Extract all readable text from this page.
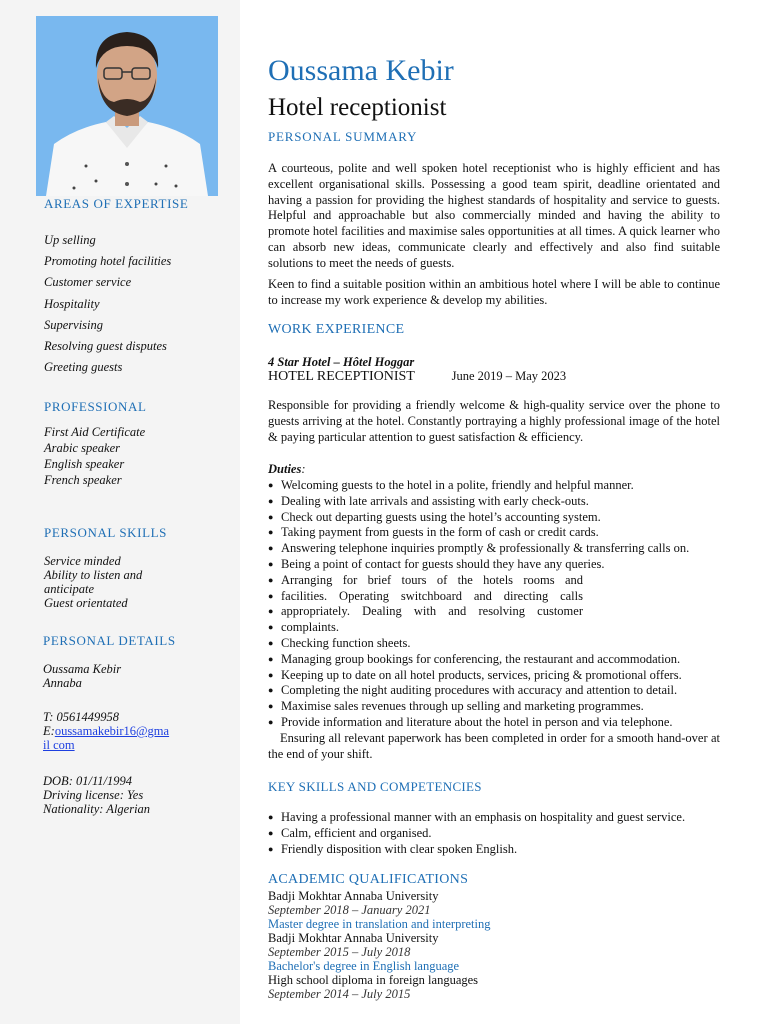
AREAS OF EXPERTISE
Up selling
Promoting hotel facilities
Customer service
Hospitality
Supervising
Resolving guest disputes
Greeting guests
PROFESSIONAL
First Aid Certificate
Arabic speaker
English speaker
French speaker
PERSONAL SKILLS
Service minded
Ability to listen and
anticipate
Guest orientated
PERSONAL DETAILS
Oussama Kebir
Annaba
T: 0561449958
E:oussamakebir16@gma
il com
DOB: 01/11/1994
Driving license: Yes
Nationality: Algerian
Oussama Kebir
Hotel receptionist
PERSONAL SUMMARY
A courteous, polite and well spoken hotel receptionist who is highly efficient and has excellent organisational skills. Possessing a good team spirit, deadline orientated and having a passion for providing the highest standards of hospitality and service to guests. Helpful and approachable but also commercially minded and having the ability to promote hotel facilities and maximise sales opportunities at all times. A quick learner who can absorb new ideas, communicate clearly and effectively and also find suitable solutions to meet the needs of guests.
Keen to find a suitable position within an ambitious hotel where I will be able to continue to increase my work experience & develop my abilities.
WORK EXPERIENCE
4 Star Hotel – Hôtel Hoggar
HOTEL RECEPTIONIST	June 2019 – May 2023
Responsible for providing a friendly welcome & high-quality service over the phone to guests arriving at the hotel. Constantly portraying a highly professional image of the hotel & paying particular attention to guest satisfaction & efficiency.
Duties:
● Welcoming guests to the hotel in a polite, friendly and helpful manner.
● Dealing with late arrivals and assisting with early check-outs.
● Check out departing guests using the hotel’s accounting system.
● Taking payment from guests in the form of cash or credit cards.
● Answering telephone inquiries promptly & professionally & transferring calls on.
● Being a point of contact for guests should they have any queries.
● Arranging for brief tours of the hotels rooms and
● facilities. Operating switchboard and directing calls
● appropriately. Dealing with and resolving customer
● complaints.
● Checking function sheets.
● Managing group bookings for conferencing, the restaurant and accommodation.
● Keeping up to date on all hotel products, services, pricing & promotional offers.
● Completing the night auditing procedures with accuracy and attention to detail.
● Maximise sales revenues through up selling and marketing programmes.
● Provide information and literature about the hotel in person and via telephone.
Ensuring all relevant paperwork has been completed in order for a smooth hand-over at the end of your shift.
KEY SKILLS AND COMPETENCIES
● Having a professional manner with an emphasis on hospitality and guest service.
● Calm, efficient and organised.
● Friendly disposition with clear spoken English.
ACADEMIC QUALIFICATIONS
Badji Mokhtar Annaba University
September 2018 – January 2021
Master degree in translation and interpreting
Badji Mokhtar Annaba University
September 2015 – July 2018
Bachelor's degree in English language
High school diploma in foreign languages
September 2014 – July 2015
